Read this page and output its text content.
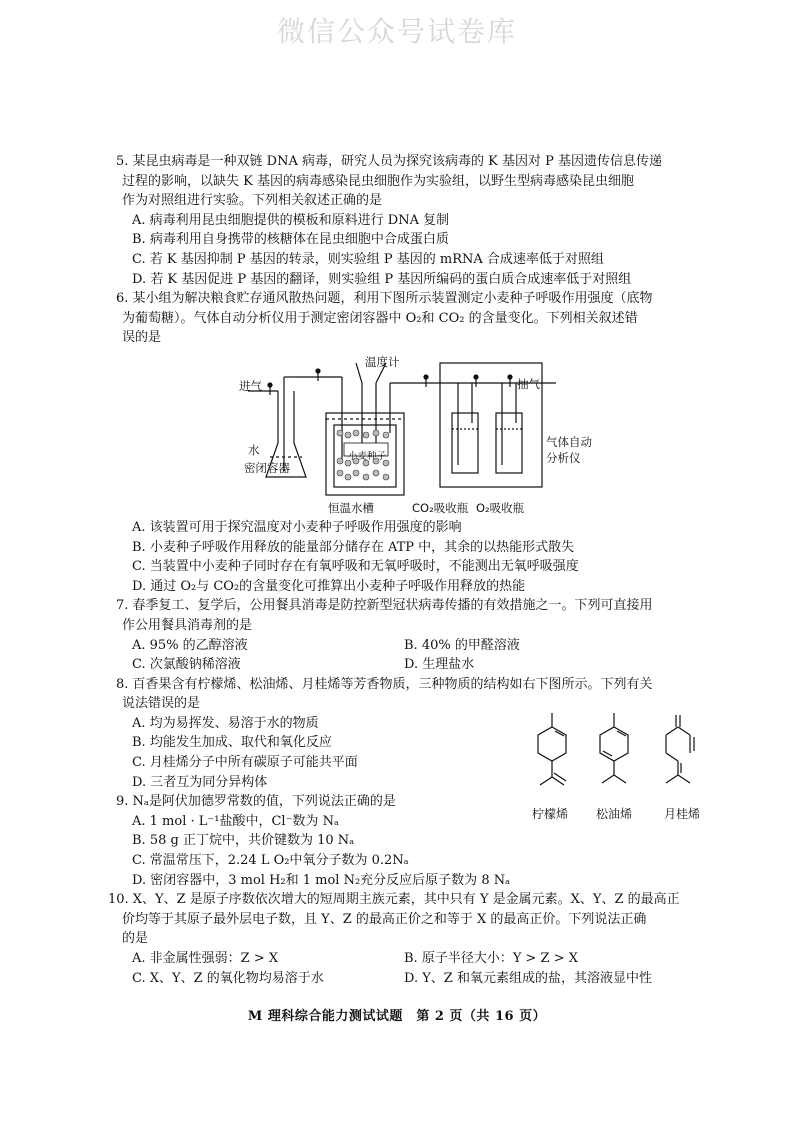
微信公众号试卷库
5. 某昆虫病毒是一种双链 DNA 病毒，研究人员为探究该病毒的 K 基因对 P 基因遗传信息传递
过程的影响，以缺失 K 基因的病毒感染昆虫细胞作为实验组，以野生型病毒感染昆虫细胞
作为对照组进行实验。下列相关叙述正确的是
A. 病毒利用昆虫细胞提供的模板和原料进行 DNA 复制
B. 病毒利用自身携带的核糖体在昆虫细胞中合成蛋白质
C. 若 K 基因抑制 P 基因的转录，则实验组 P 基因的 mRNA 合成速率低于对照组
D. 若 K 基因促进 P 基因的翻译，则实验组 P 基因所编码的蛋白质合成速率低于对照组
6. 某小组为解决粮食贮存通风散热问题，利用下图所示装置测定小麦种子呼吸作用强度（底物
为葡萄糖）。气体自动分析仪用于测定密闭容器中 O₂和 CO₂ 的含量变化。下列相关叙述错
误的是
小麦种子
温度计
进气	抽气
水
密闭容器
气体自动
分析仪
恒温水槽	CO₂吸收瓶 O₂吸收瓶
A. 该装置可用于探究温度对小麦种子呼吸作用强度的影响
B. 小麦种子呼吸作用释放的能量部分储存在 ATP 中，其余的以热能形式散失
C. 当装置中小麦种子同时存在有氧呼吸和无氧呼吸时，不能测出无氧呼吸强度
D. 通过 O₂与 CO₂的含量变化可推算出小麦种子呼吸作用释放的热能
7. 春季复工、复学后，公用餐具消毒是防控新型冠状病毒传播的有效措施之一。下列可直接用
作公用餐具消毒剂的是
A. 95% 的乙醇溶液	B. 40% 的甲醛溶液
C. 次氯酸钠稀溶液	D. 生理盐水
8. 百香果含有柠檬烯、松油烯、月桂烯等芳香物质，三种物质的结构如右下图所示。下列有关
说法错误的是
A. 均为易挥发、易溶于水的物质
B. 均能发生加成、取代和氧化反应
C. 月桂烯分子中所有碳原子可能共平面
D. 三者互为同分异构体
柠檬烯 松油烯	月桂烯
9. Nₐ是阿伏加德罗常数的值，下列说法正确的是
A. 1 mol · L⁻¹盐酸中，Cl⁻数为 Nₐ
B. 58 g 正丁烷中，共价键数为 10 Nₐ
C. 常温常压下，2.24 L O₂中氧分子数为 0.2Nₐ
D. 密闭容器中，3 mol H₂和 1 mol N₂充分反应后原子数为 8 Nₐ
10. X、Y、Z 是原子序数依次增大的短周期主族元素，其中只有 Y 是金属元素。X、Y、Z 的最高正
价均等于其原子最外层电子数，且 Y、Z 的最高正价之和等于 X 的最高正价。下列说法正确
的是
A. 非金属性强弱：Z > X	B. 原子半径大小：Y > Z > X
C. X、Y、Z 的氧化物均易溶于水	D. Y、Z 和氧元素组成的盐，其溶液显中性
M 理科综合能力测试试题　第 2 页（共 16 页）
